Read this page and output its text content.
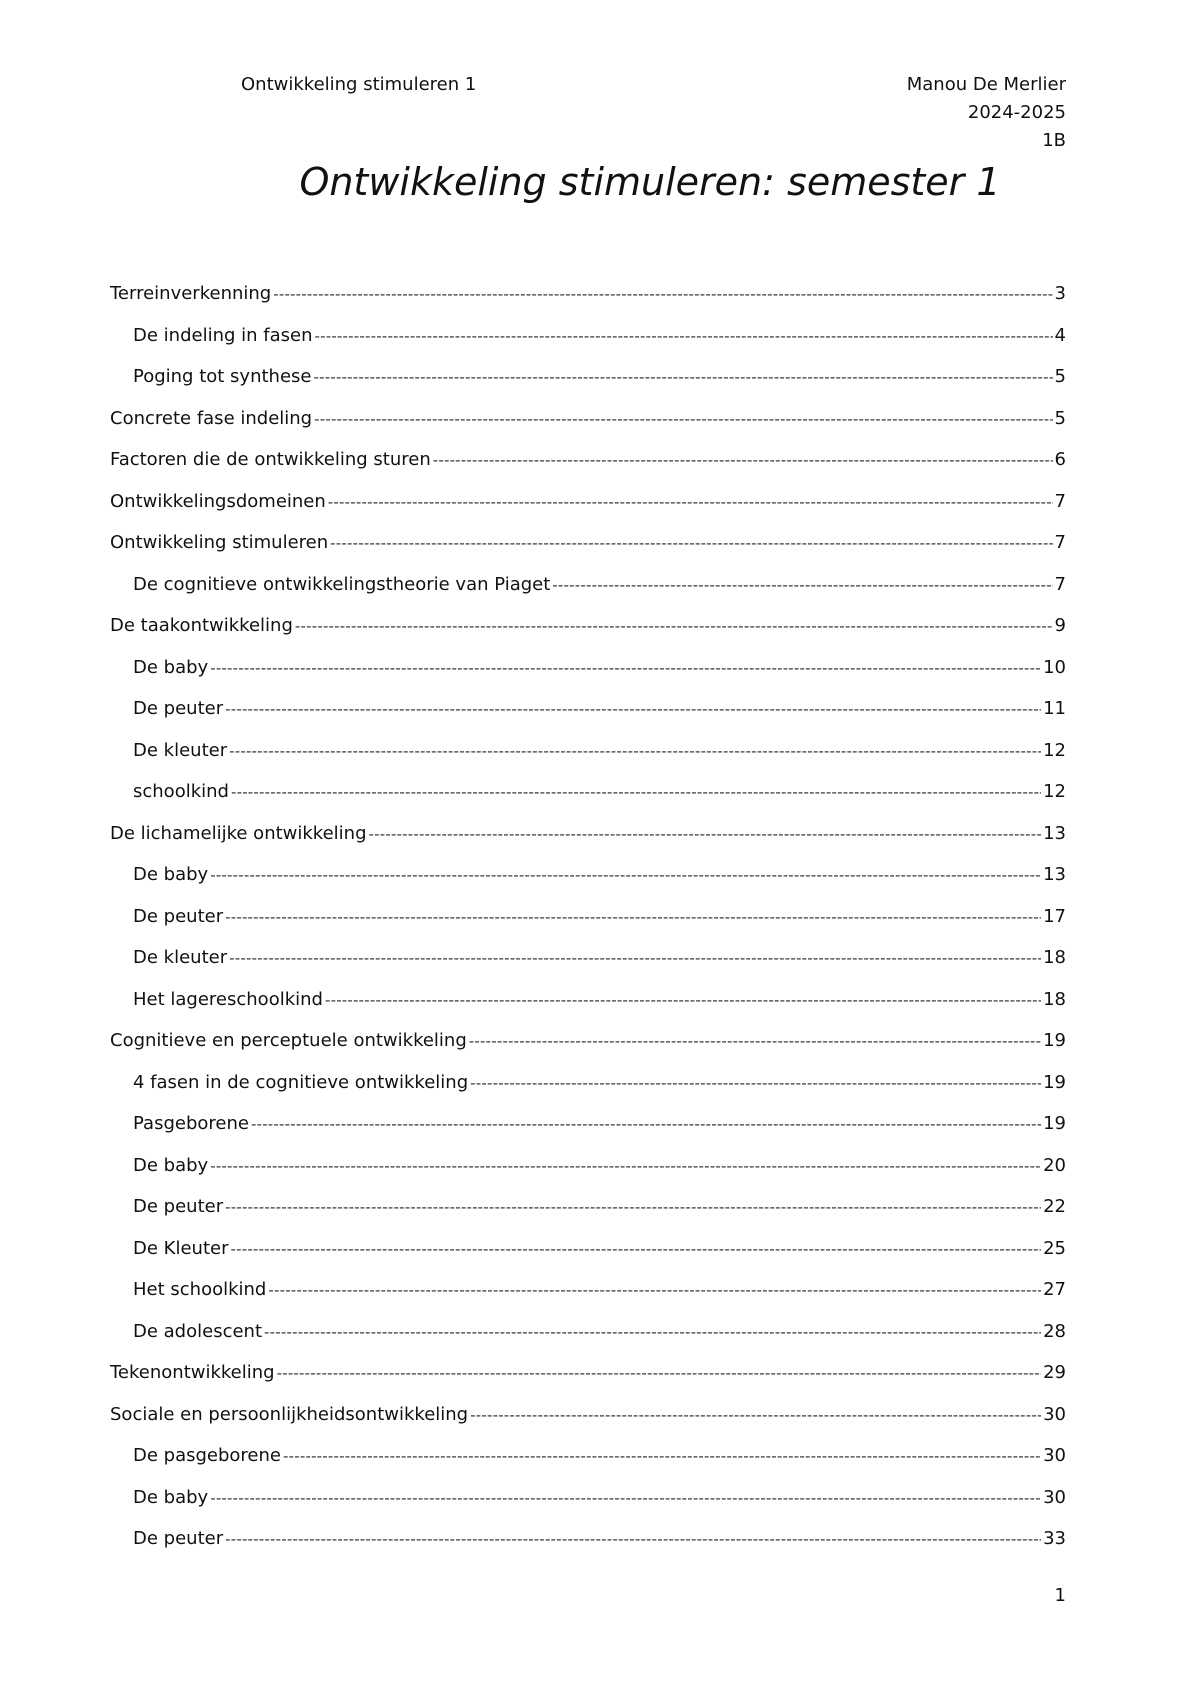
Ontwikkeling stimuleren 1	Manou De Merlier
2024-2025
1B
Ontwikkeling stimuleren: semester 1
Terreinverkenning -----	3
De indeling in fasen -----	4
Poging tot synthese -----	5
Concrete fase indeling -----	5
Factoren die de ontwikkeling sturen -----	6
Ontwikkelingsdomeinen -----	7
Ontwikkeling stimuleren -----	7
De cognitieve ontwikkelingstheorie van Piaget -----	7
De taakontwikkeling -----	9
De baby -----	10
De peuter -----	11
De kleuter -----	12
schoolkind -----	12
De lichamelijke ontwikkeling -----	13
De baby -----	13
De peuter -----	17
De kleuter -----	18
Het lagereschoolkind -----	18
Cognitieve en perceptuele ontwikkeling -----	19
4 fasen in de cognitieve ontwikkeling -----	19
Pasgeborene -----	19
De baby -----	20
De peuter -----	22
De Kleuter -----	25
Het schoolkind -----	27
De adolescent -----	28
Tekenontwikkeling -----	29
Sociale en persoonlijkheidsontwikkeling -----	30
De pasgeborene -----	30
De baby -----	30
De peuter -----	33
1
